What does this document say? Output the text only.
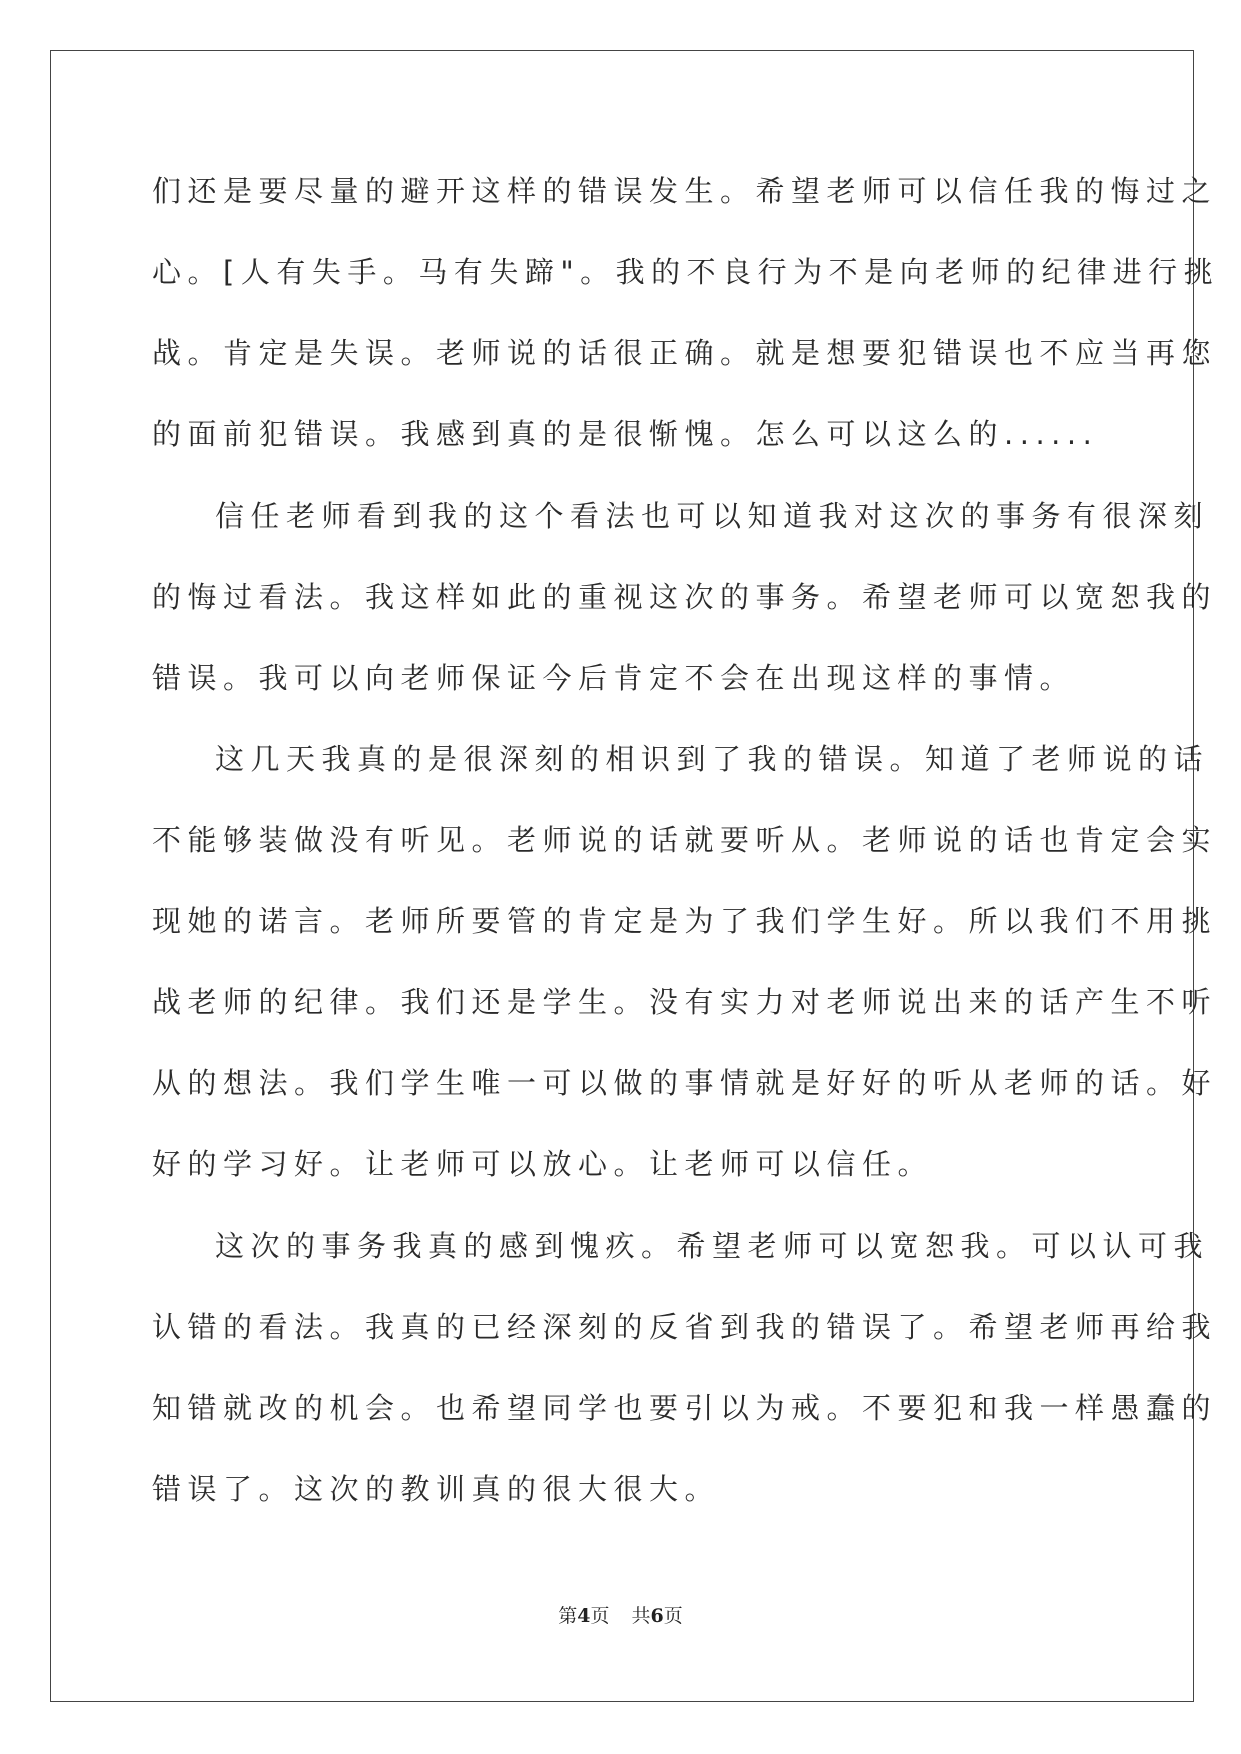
们还是要尽量的避开这样的错误发生。希望老师可以信任我的悔过之
心。[人有失手。马有失蹄"。我的不良行为不是向老师的纪律进行挑
战。肯定是失误。老师说的话很正确。就是想要犯错误也不应当再您
的面前犯错误。我感到真的是很惭愧。怎么可以这么的......
信任老师看到我的这个看法也可以知道我对这次的事务有很深刻
的悔过看法。我这样如此的重视这次的事务。希望老师可以宽恕我的
错误。我可以向老师保证今后肯定不会在出现这样的事情。
这几天我真的是很深刻的相识到了我的错误。知道了老师说的话
不能够装做没有听见。老师说的话就要听从。老师说的话也肯定会实
现她的诺言。老师所要管的肯定是为了我们学生好。所以我们不用挑
战老师的纪律。我们还是学生。没有实力对老师说出来的话产生不听
从的想法。我们学生唯一可以做的事情就是好好的听从老师的话。好
好的学习好。让老师可以放心。让老师可以信任。
这次的事务我真的感到愧疚。希望老师可以宽恕我。可以认可我
认错的看法。我真的已经深刻的反省到我的错误了。希望老师再给我
知错就改的机会。也希望同学也要引以为戒。不要犯和我一样愚蠢的
错误了。这次的教训真的很大很大。
第4页 共6页
